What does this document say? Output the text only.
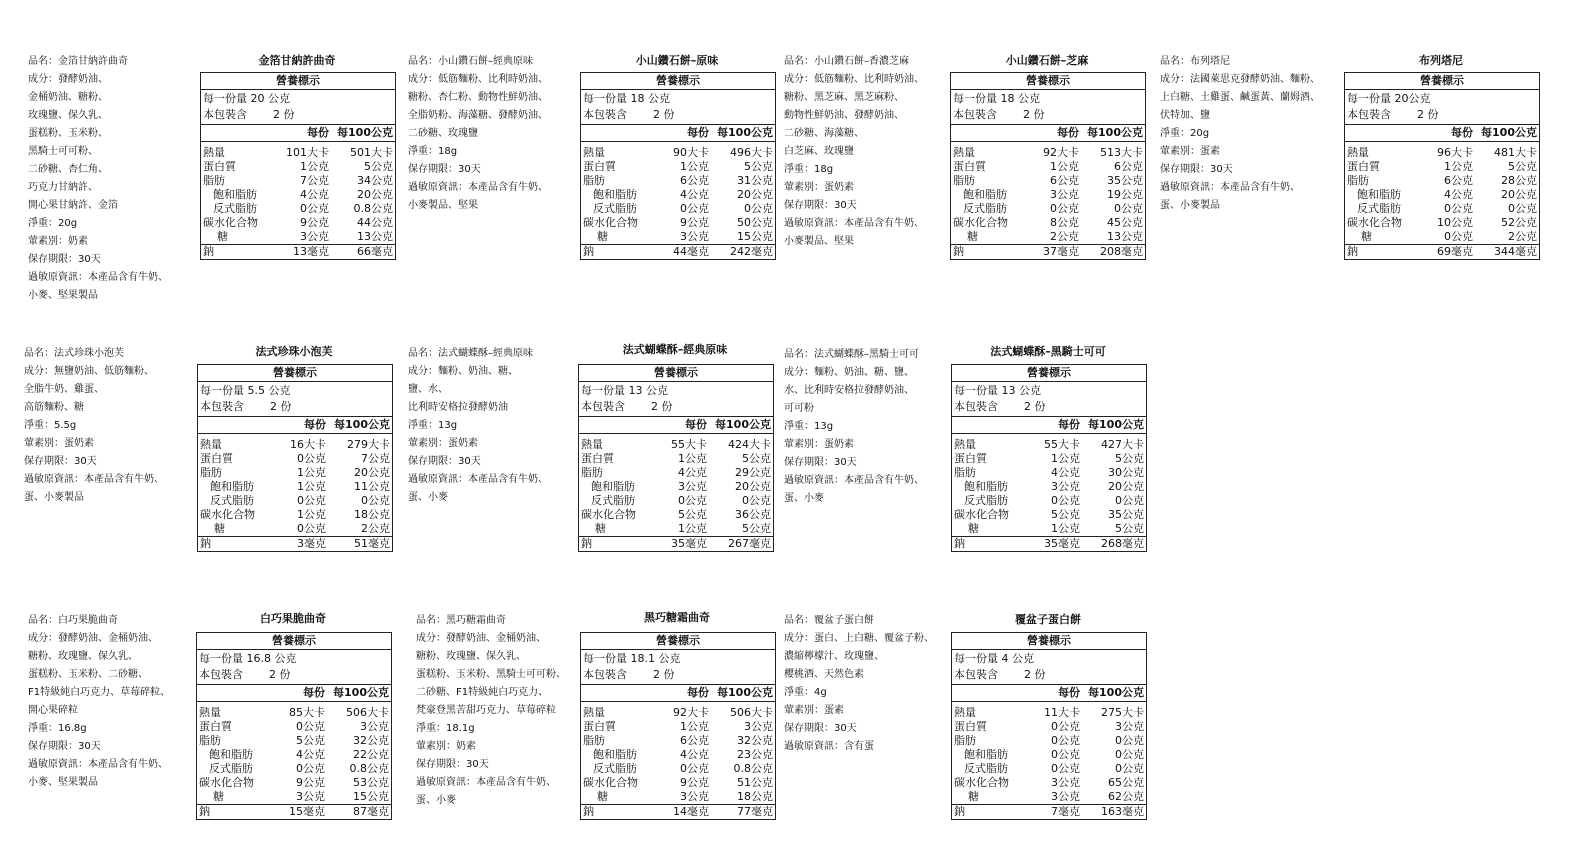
品名：金箔甘納許曲奇
成分：發酵奶油、
金桶奶油、糖粉、
玫瑰鹽、保久乳、
蛋糕粉、玉米粉、
黑騎士可可粉、
二砂糖、杏仁角、
巧克力甘納許、
開心果甘納許、金箔
淨重：20g
葷素別：奶素
保存期限：30天
過敏原資訊：本產品含有牛奶、
小麥、堅果製品
金箔甘納許曲奇
營養標示
每一份量 20 公克
本包裝含 2 份
每份 每100公克
熱量	101大卡	501大卡
蛋白質	1公克	5公克
脂肪	7公克	34公克
飽和脂肪	4公克	20公克
反式脂肪	0公克	0.8公克
碳水化合物	9公克	44公克
糖	3公克	13公克
鈉	13毫克	66毫克
品名：小山鑽石餅–經典原味
成分：低筋麵粉、比利時奶油、
糖粉、杏仁粉、動物性鮮奶油、
全脂奶粉、海藻糖、發酵奶油、
二砂糖、玫瑰鹽
淨重：18g
保存期限：30天
過敏原資訊：本產品含有牛奶、
小麥製品、堅果
小山鑽石餅–原味
營養標示
每一份量 18 公克
本包裝含 2 份
每份 每100公克
熱量	90大卡	496大卡
蛋白質	1公克	5公克
脂肪	6公克	31公克
飽和脂肪	4公克	20公克
反式脂肪	0公克	0公克
碳水化合物	9公克	50公克
糖	3公克	15公克
鈉	44毫克	242毫克
品名：小山鑽石餅–香濃芝麻
成分：低筋麵粉、比利時奶油、
糖粉、黑芝麻、黑芝麻粉、
動物性鮮奶油、發酵奶油、
二砂糖、海藻糖、
白芝麻、玫瑰鹽
淨重：18g
葷素別：蛋奶素
保存期限：30天
過敏原資訊：本產品含有牛奶、
小麥製品、堅果
小山鑽石餅–芝麻
營養標示
每一份量 18 公克
本包裝含 2 份
每份 每100公克
熱量	92大卡	513大卡
蛋白質	1公克	6公克
脂肪	6公克	35公克
飽和脂肪	3公克	19公克
反式脂肪	0公克	0公克
碳水化合物	8公克	45公克
糖	2公克	13公克
鈉	37毫克	208毫克
品名：布列塔尼
成分：法國萊思克發酵奶油、麵粉、
上白糖、土雞蛋、鹹蛋黃、蘭姆酒、
伏特加、鹽
淨重：20g
葷素別：蛋素
保存期限：30天
過敏原資訊：本產品含有牛奶、
蛋、小麥製品
布列塔尼
營養標示
每一份量 20公克
本包裝含 2 份
每份 每100公克
熱量	96大卡	481大卡
蛋白質	1公克	5公克
脂肪	6公克	28公克
飽和脂肪	4公克	20公克
反式脂肪	0公克	0公克
碳水化合物	10公克	52公克
糖	0公克	2公克
鈉	69毫克	344毫克
品名：法式珍珠小泡芙
成分：無鹽奶油、低筋麵粉、
全脂牛奶、雞蛋、
高筋麵粉、糖
淨重：5.5g
葷素別：蛋奶素
保存期限：30天
過敏原資訊：本產品含有牛奶、
蛋、小麥製品
法式珍珠小泡芙
營養標示
每一份量 5.5 公克
本包裝含 2 份
每份 每100公克
熱量	16大卡	279大卡
蛋白質	0公克	7公克
脂肪	1公克	20公克
飽和脂肪	1公克	11公克
反式脂肪	0公克	0公克
碳水化合物	1公克	18公克
糖	0公克	2公克
鈉	3毫克	51毫克
品名：法式蝴蝶酥–經典原味
成分：麵粉、奶油、糖、
鹽、水、
比利時安格拉發酵奶油
淨重：13g
葷素別：蛋奶素
保存期限：30天
過敏原資訊：本產品含有牛奶、
蛋、小麥
法式蝴蝶酥–經典原味
營養標示
每一份量 13 公克
本包裝含 2 份
每份 每100公克
熱量	55大卡	424大卡
蛋白質	1公克	5公克
脂肪	4公克	29公克
飽和脂肪	3公克	20公克
反式脂肪	0公克	0公克
碳水化合物	5公克	36公克
糖	1公克	5公克
鈉	35毫克	267毫克
品名：法式蝴蝶酥–黑騎士可可
成分：麵粉、奶油、糖、鹽、
水、比利時安格拉發酵奶油、
可可粉
淨重：13g
葷素別：蛋奶素
保存期限：30天
過敏原資訊：本產品含有牛奶、
蛋、小麥
法式蝴蝶酥–黑騎士可可
營養標示
每一份量 13 公克
本包裝含 2 份
每份 每100公克
熱量	55大卡	427大卡
蛋白質	1公克	5公克
脂肪	4公克	30公克
飽和脂肪	3公克	20公克
反式脂肪	0公克	0公克
碳水化合物	5公克	35公克
糖	1公克	5公克
鈉	35毫克	268毫克
品名：白巧果脆曲奇
成分：發酵奶油、金桶奶油、
糖粉、玫瑰鹽、保久乳、
蛋糕粉、玉米粉、二砂糖、
F1特級純白巧克力、草莓碎粒、
開心果碎粒
淨重：16.8g
保存期限：30天
過敏原資訊：本產品含有牛奶、
小麥、堅果製品
白巧果脆曲奇
營養標示
每一份量 16.8 公克
本包裝含 2 份
每份 每100公克
熱量	85大卡	506大卡
蛋白質	0公克	3公克
脂肪	5公克	32公克
飽和脂肪	4公克	22公克
反式脂肪	0公克	0.8公克
碳水化合物	9公克	53公克
糖	3公克	15公克
鈉	15毫克	87毫克
品名：黑巧糖霜曲奇
成分：發酵奶油、金桶奶油、
糖粉、玫瑰鹽、保久乳、
蛋糕粉、玉米粉、黑騎士可可粉、
二砂糖、F1特級純白巧克力、
梵豪登黑苦甜巧克力、草莓碎粒
淨重：18.1g
葷素別：奶素
保存期限：30天
過敏原資訊：本產品含有牛奶、
蛋、小麥
黑巧糖霜曲奇
營養標示
每一份量 18.1 公克
本包裝含 2 份
每份 每100公克
熱量	92大卡	506大卡
蛋白質	1公克	3公克
脂肪	6公克	32公克
飽和脂肪	4公克	23公克
反式脂肪	0公克	0.8公克
碳水化合物	9公克	51公克
糖	3公克	18公克
鈉	14毫克	77毫克
品名：覆盆子蛋白餅
成分：蛋白、上白糖、覆盆子粉、
濃縮檸檬汁、玫瑰鹽、
櫻桃酒、天然色素
淨重：4g
葷素別：蛋素
保存期限：30天
過敏原資訊：含有蛋
覆盆子蛋白餅
營養標示
每一份量 4 公克
本包裝含 2 份
每份 每100公克
熱量	11大卡	275大卡
蛋白質	0公克	3公克
脂肪	0公克	0公克
飽和脂肪	0公克	0公克
反式脂肪	0公克	0公克
碳水化合物	3公克	65公克
糖	3公克	62公克
鈉	7毫克	163毫克
